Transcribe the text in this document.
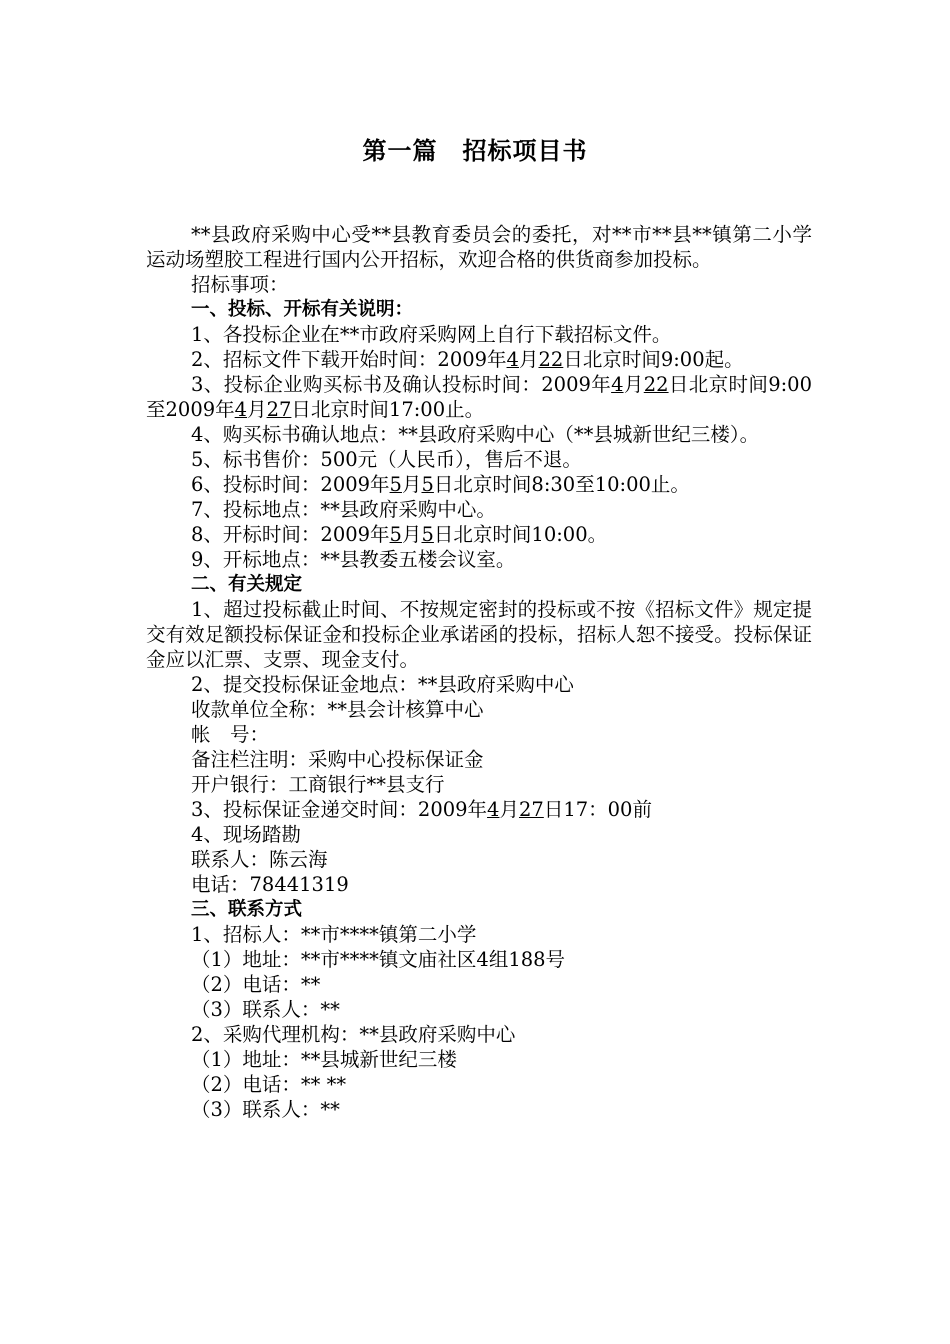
第一篇　招标项目书

**县政府采购中心受**县教育委员会的委托，对**市**县**镇第二小学运动场塑胶工程进行国内公开招标，欢迎合格的供货商参加投标。

招标事项：

一、投标、开标有关说明：

1、各投标企业在**市政府采购网上自行下载招标文件。

2、招标文件下载开始时间：2009年4月22日北京时间9:00起。

3、投标企业购买标书及确认投标时间：2009年4月22日北京时间9:00至2009年4月27日北京时间17:00止。

4、购买标书确认地点：**县政府采购中心（**县城新世纪三楼）。

5、标书售价：500元（人民币），售后不退。

6、投标时间：2009年5月5日北京时间8:30至10:00止。

7、投标地点：**县政府采购中心。

8、开标时间：2009年5月5日北京时间10:00。

9、开标地点：**县教委五楼会议室。

二、有关规定

1、超过投标截止时间、不按规定密封的投标或不按《招标文件》规定提交有效足额投标保证金和投标企业承诺函的投标，招标人恕不接受。投标保证金应以汇票、支票、现金支付。

2、提交投标保证金地点：**县政府采购中心

收款单位全称：**县会计核算中心

帐　号：

备注栏注明：采购中心投标保证金

开户银行：工商银行**县支行

3、投标保证金递交时间：2009年4月27日17：00前

4、现场踏勘

联系人：陈云海

电话：78441319

三、联系方式

1、招标人：**市****镇第二小学

（1）地址：**市****镇文庙社区4组188号

（2）电话：**

（3）联系人：**

2、采购代理机构：**县政府采购中心

（1）地址：**县城新世纪三楼

（2）电话：** **

（3）联系人：**
